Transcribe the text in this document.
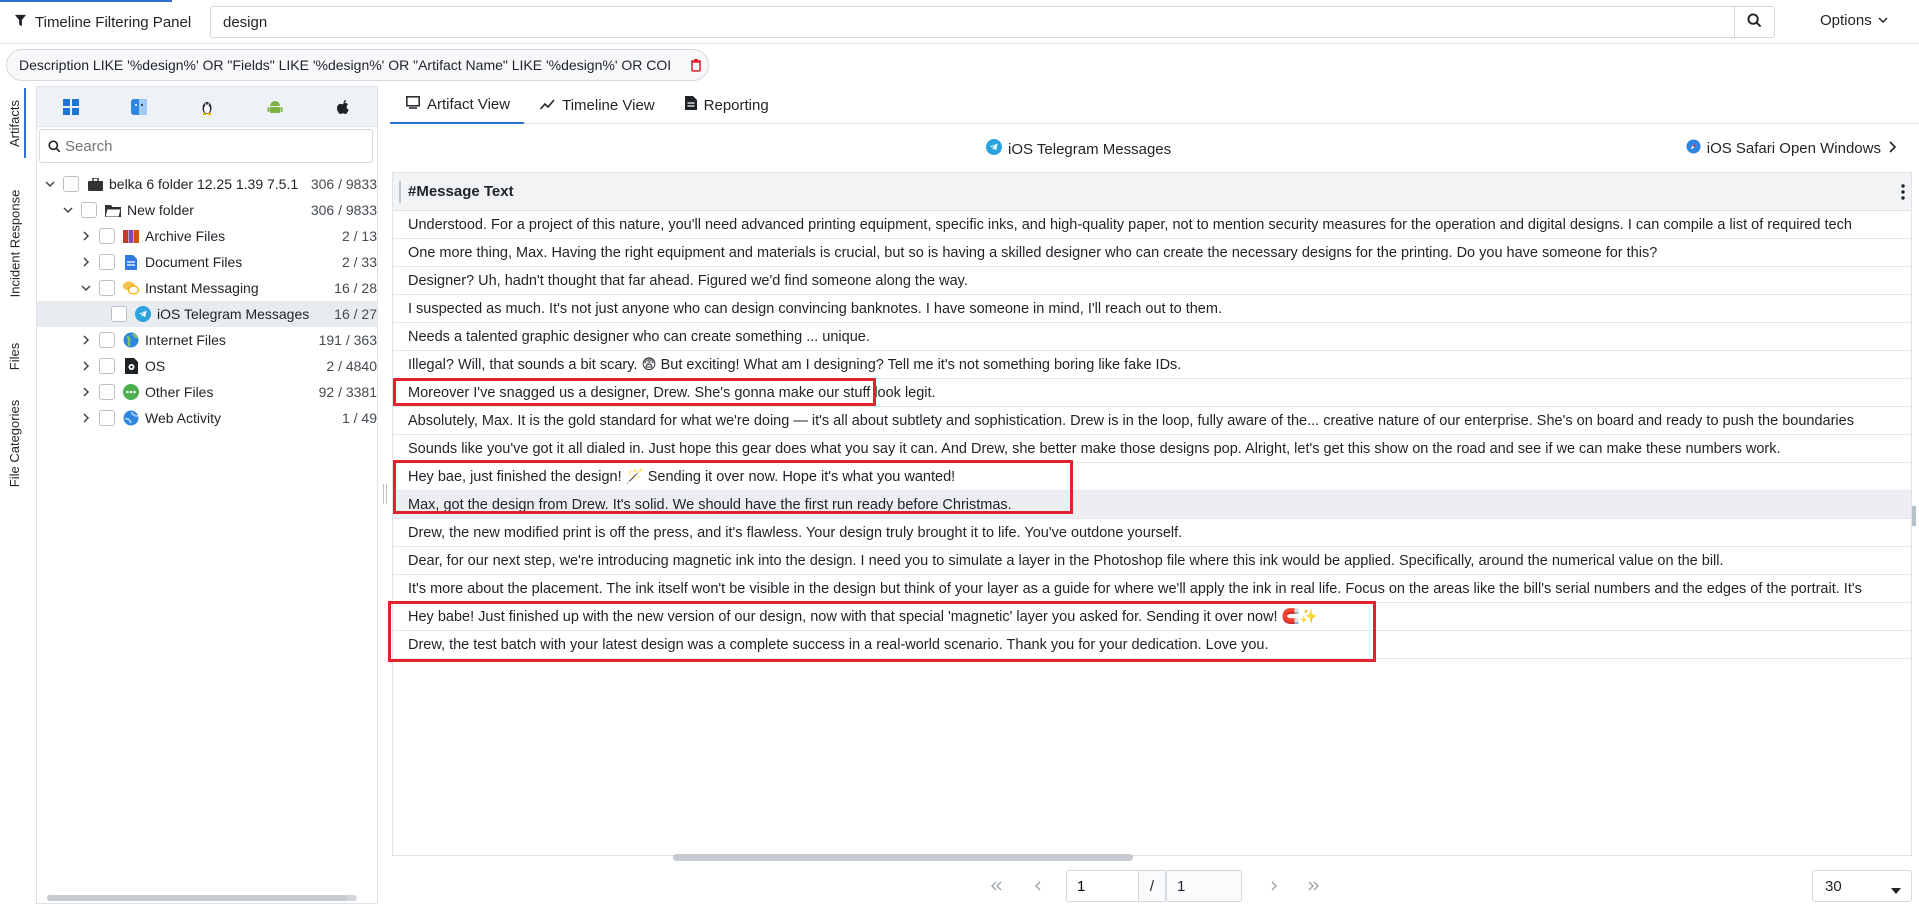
Timeline Filtering Panel
design	Options
Description LIKE '%design%' OR "Fields" LIKE '%design%' OR "Artifact Name" LIKE '%design%' OR COI
Artifacts
Incident Response
Files
File Categories
Search
belka 6 folder 12.25 1.39 7.5.1 306 / 9833
New folder	306 / 9833
Archive Files	2 / 13
Document Files	2 / 33
Instant Messaging	16 / 28
iOS Telegram Messages 16 / 27
Internet Files	191 / 363
OS	2 / 4840
Other Files	92 / 3381
Web Activity	1 / 49
Artifact View	Timeline View	Reporting
iOS Telegram Messages	iOS Safari Open Windows
#Message Text
Understood. For a project of this nature, you'll need advanced printing equipment, specific inks, and high-quality paper, not to mention security measures for the operation and digital designs. I can compile a list of required tech
One more thing, Max. Having the right equipment and materials is crucial, but so is having a skilled designer who can create the necessary designs for the printing. Do you have someone for this?
Designer? Uh, hadn't thought that far ahead. Figured we'd find someone along the way.
I suspected as much. It's not just anyone who can design convincing banknotes. I have someone in mind, I'll reach out to them.
Needs a talented graphic designer who can create something ... unique.
Illegal? Will, that sounds a bit scary. 😨 But exciting! What am I designing? Tell me it's not something boring like fake IDs.
Moreover I've snagged us a designer, Drew. She's gonna make our stuff look legit.
Absolutely, Max. It is the gold standard for what we're doing — it's all about subtlety and sophistication. Drew is in the loop, fully aware of the... creative nature of our enterprise. She's on board and ready to push the boundaries
Sounds like you've got it all dialed in. Just hope this gear does what you say it can. And Drew, she better make those designs pop. Alright, let's get this show on the road and see if we can make these numbers work.
Hey bae, just finished the design! 🪄 Sending it over now. Hope it's what you wanted!
Max, got the design from Drew. It's solid. We should have the first run ready before Christmas.
Drew, the new modified print is off the press, and it's flawless. Your design truly brought it to life. You've outdone yourself.
Dear, for our next step, we're introducing magnetic ink into the design. I need you to simulate a layer in the Photoshop file where this ink would be applied. Specifically, around the numerical value on the bill.
It's more about the placement. The ink itself won't be visible in the design but think of your layer as a guide for where we'll apply the ink in real life. Focus on the areas like the bill's serial numbers and the edges of the portrait. It's
Hey babe! Just finished up with the new version of our design, now with that special 'magnetic' layer you asked for. Sending it over now! 🧲✨
Drew, the test batch with your latest design was a complete success in a real-world scenario. Thank you for your dedication. Love you.
1
/ 1	30
